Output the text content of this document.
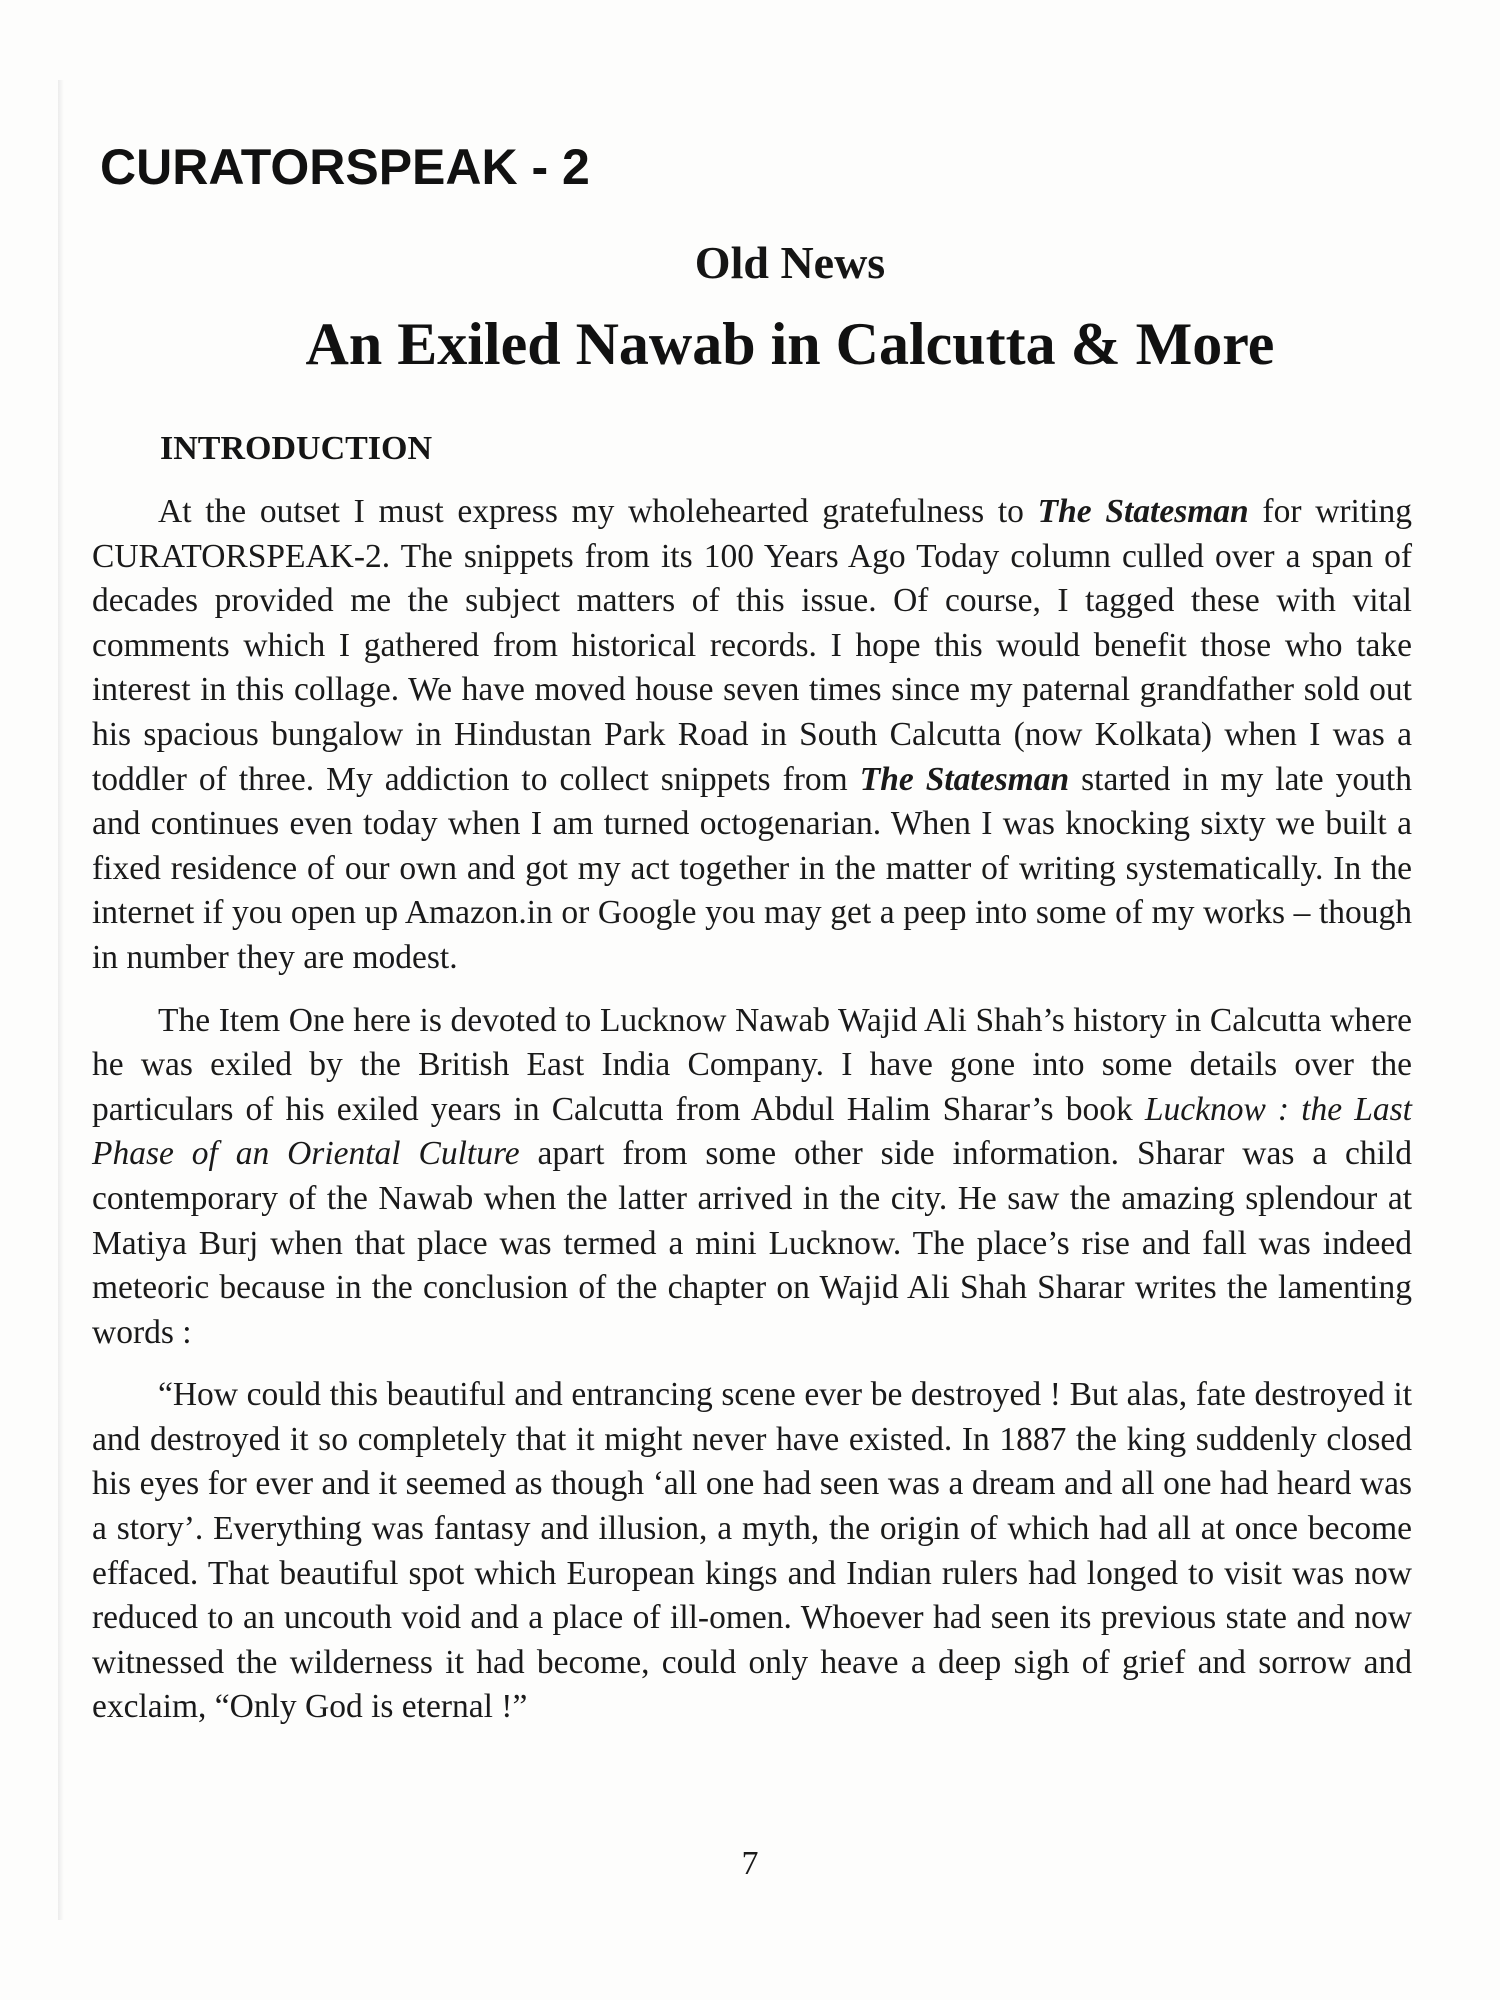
CURATORSPEAK - 2
Old News
An Exiled Nawab in Calcutta & More
INTRODUCTION

At the outset I must express my wholehearted gratefulness to The Statesman for writing CURATORSPEAK-2. The snippets from its 100 Years Ago Today column culled over a span of decades provided me the subject matters of this issue. Of course, I tagged these with vital comments which I gathered from historical records. I hope this would benefit those who take interest in this collage. We have moved house seven times since my paternal grandfather sold out his spacious bungalow in Hindustan Park Road in South Calcutta (now Kolkata) when I was a toddler of three. My addiction to collect snippets from The Statesman started in my late youth and continues even today when I am turned octogenarian. When I was knocking sixty we built a fixed residence of our own and got my act together in the matter of writing systematically. In the internet if you open up Amazon.in or Google you may get a peep into some of my works – though in number they are modest.

The Item One here is devoted to Lucknow Nawab Wajid Ali Shah’s history in Calcutta where he was exiled by the British East India Company. I have gone into some details over the particulars of his exiled years in Calcutta from Abdul Halim Sharar’s book Lucknow : the Last Phase of an Oriental Culture apart from some other side information. Sharar was a child contemporary of the Nawab when the latter arrived in the city. He saw the amazing splendour at Matiya Burj when that place was termed a mini Lucknow. The place’s rise and fall was indeed meteoric because in the conclusion of the chapter on Wajid Ali Shah Sharar writes the lamenting words :

“How could this beautiful and entrancing scene ever be destroyed ! But alas, fate destroyed it and destroyed it so completely that it might never have existed. In 1887 the king suddenly closed his eyes for ever and it seemed as though ‘all one had seen was a dream and all one had heard was a story’. Everything was fantasy and illusion, a myth, the origin of which had all at once become effaced. That beautiful spot which European kings and Indian rulers had longed to visit was now reduced to an uncouth void and a place of ill-omen. Whoever had seen its previous state and now witnessed the wilderness it had become, could only heave a deep sigh of grief and sorrow and exclaim, “Only God is eternal !”

7
